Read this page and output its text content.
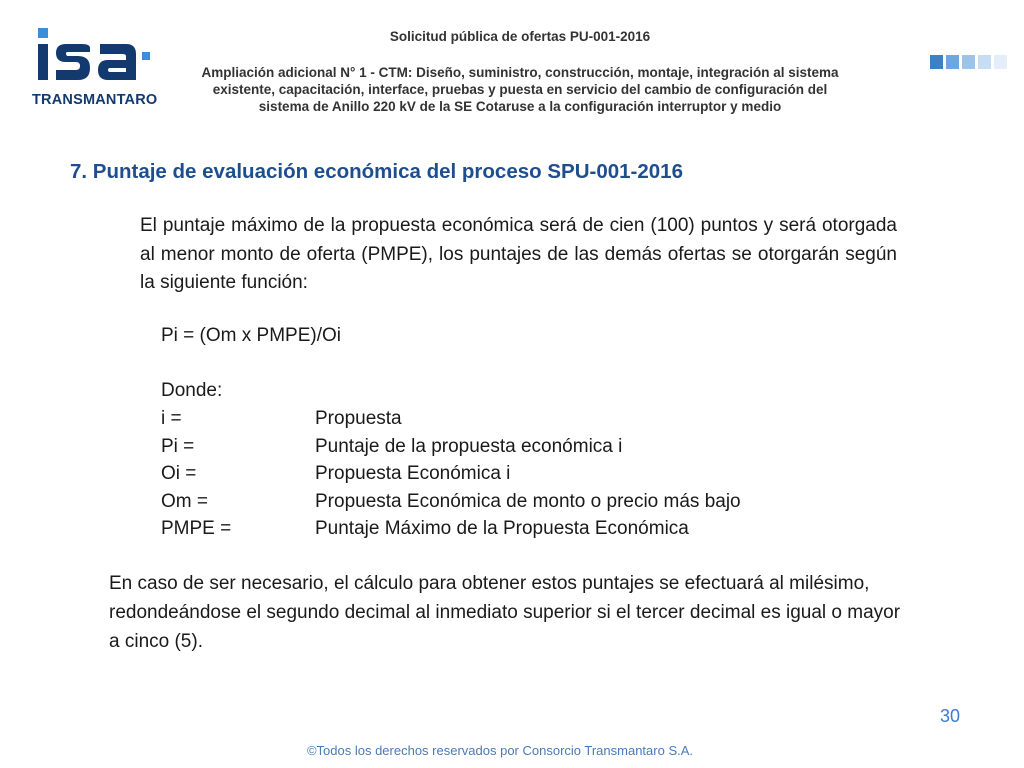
TRANSMANTARO
Solicitud pública de ofertas PU-001-2016
Ampliación adicional N° 1 - CTM: Diseño, suministro, construcción, montaje, integración al sistema existente, capacitación, interface, pruebas y puesta en servicio del cambio de configuración del sistema de Anillo 220 kV de la SE Cotaruse a la configuración interruptor y medio
7. Puntaje de evaluación económica del proceso SPU-001-2016

El puntaje máximo de la propuesta económica será de cien (100) puntos y será otorgada al menor monto de oferta (PMPE), los puntajes de las demás ofertas se otorgarán según la siguiente función:

Pi = (Om x PMPE)/Oi
Donde:
i =	Propuesta
Pi =	Puntaje de la propuesta económica i
Oi =	Propuesta Económica i
Om =	Propuesta Económica de monto o precio más bajo
PMPE =	Puntaje Máximo de la Propuesta Económica

En caso de ser necesario, el cálculo para obtener estos puntajes se efectuará al milésimo, redondeándose el segundo decimal al inmediato superior si el tercer decimal es igual o mayor a cinco (5).

30
©Todos los derechos reservados por Consorcio Transmantaro S.A.
